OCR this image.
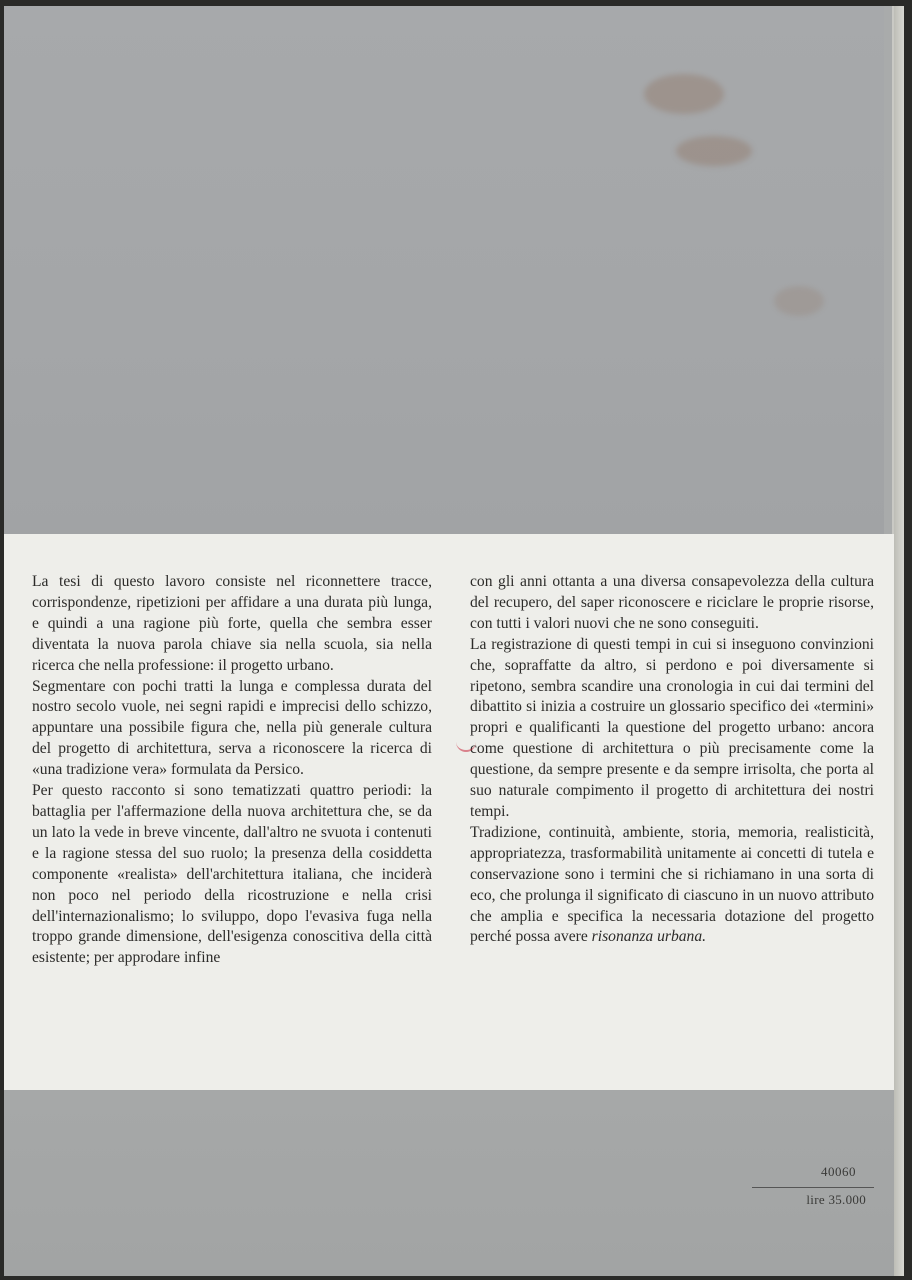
La tesi di questo lavoro consiste nel riconnettere tracce, corrispondenze, ripetizioni per affidare a una durata più lunga, e quindi a una ragione più forte, quella che sembra esser diventata la nuova parola chiave sia nella scuola, sia nella ricerca che nella professione: il progetto urbano.

Segmentare con pochi tratti la lunga e complessa durata del nostro secolo vuole, nei segni rapidi e imprecisi dello schizzo, appuntare una possibile figura che, nella più generale cultura del progetto di architettura, serva a riconoscere la ricerca di «una tradizione vera» formulata da Persico.

Per questo racconto si sono tematizzati quattro periodi: la battaglia per l'affermazione della nuova architettura che, se da un lato la vede in breve vincente, dall'altro ne svuota i contenuti e la ragione stessa del suo ruolo; la presenza della cosiddetta componente «realista» dell'architettura italiana, che inciderà non poco nel periodo della ricostruzione e nella crisi dell'internazionalismo; lo sviluppo, dopo l'evasiva fuga nella troppo grande dimensione, dell'esigenza conoscitiva della città esistente; per approdare infine

con gli anni ottanta a una diversa consapevolezza della cultura del recupero, del saper riconoscere e riciclare le proprie risorse, con tutti i valori nuovi che ne sono conseguiti.

La registrazione di questi tempi in cui si inseguono convinzioni che, sopraffatte da altro, si perdono e poi diversamente si ripetono, sembra scandire una cronologia in cui dai termini del dibattito si inizia a costruire un glossario specifico dei «termini» propri e qualificanti la questione del progetto urbano: ancora come questione di architettura o più precisamente come la questione, da sempre presente e da sempre irrisolta, che porta al suo naturale compimento il progetto di architettura dei nostri tempi.

Tradizione, continuità, ambiente, storia, memoria, realisticità, appropriatezza, trasformabilità unitamente ai concetti di tutela e conservazione sono i termini che si richiamano in una sorta di eco, che prolunga il significato di ciascuno in un nuovo attributo che amplia e specifica la necessaria dotazione del progetto perché possa avere risonanza urbana.

40060
lire 35.000
